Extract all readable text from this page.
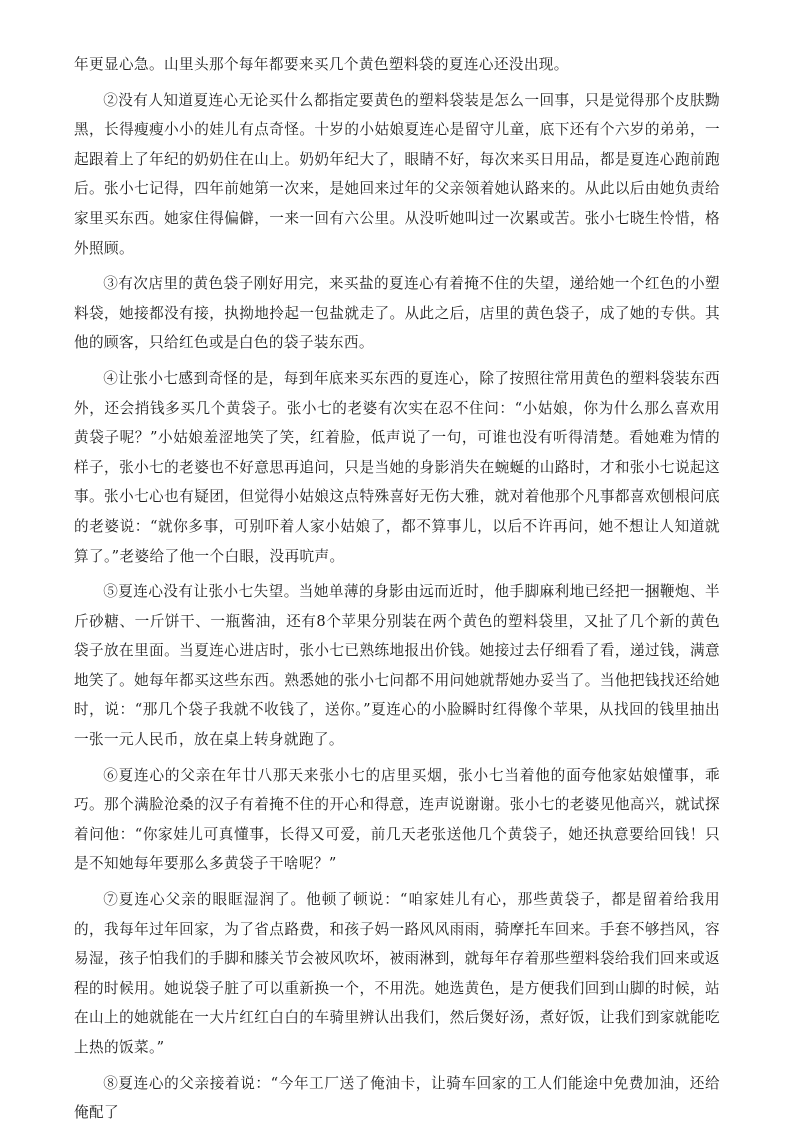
年更显心急。山里头那个每年都要来买几个黄色塑料袋的夏连心还没出现。

②没有人知道夏连心无论买什么都指定要黄色的塑料袋装是怎么一回事，只是觉得那个皮肤黝黑，长得瘦瘦小小的娃儿有点奇怪。十岁的小姑娘夏连心是留守儿童，底下还有个六岁的弟弟，一起跟着上了年纪的奶奶住在山上。奶奶年纪大了，眼睛不好，每次来买日用品，都是夏连心跑前跑后。张小七记得，四年前她第一次来，是她回来过年的父亲领着她认路来的。从此以后由她负责给家里买东西。她家住得偏僻，一来一回有六公里。从没听她叫过一次累或苦。张小七晓生怜惜，格外照顾。

③有次店里的黄色袋子刚好用完，来买盐的夏连心有着掩不住的失望，递给她一个红色的小塑料袋，她接都没有接，执拗地拎起一包盐就走了。从此之后，店里的黄色袋子，成了她的专供。其他的顾客，只给红色或是白色的袋子装东西。

④让张小七感到奇怪的是，每到年底来买东西的夏连心，除了按照往常用黄色的塑料袋装东西外，还会捎钱多买几个黄袋子。张小七的老婆有次实在忍不住问：“小姑娘，你为什么那么喜欢用黄袋子呢？”小姑娘羞涩地笑了笑，红着脸，低声说了一句，可谁也没有听得清楚。看她难为情的样子，张小七的老婆也不好意思再追问，只是当她的身影消失在蜿蜒的山路时，才和张小七说起这事。张小七心也有疑团，但觉得小姑娘这点特殊喜好无伤大雅，就对着他那个凡事都喜欢刨根问底的老婆说：“就你多事，可别吓着人家小姑娘了，都不算事儿，以后不许再问，她不想让人知道就算了。”老婆给了他一个白眼，没再吭声。

⑤夏连心没有让张小七失望。当她单薄的身影由远而近时，他手脚麻利地已经把一捆鞭炮、半斤砂糖、一斤饼干、一瓶酱油，还有8个苹果分别装在两个黄色的塑料袋里，又扯了几个新的黄色袋子放在里面。当夏连心进店时，张小七已熟练地报出价钱。她接过去仔细看了看，递过钱，满意地笑了。她每年都买这些东西。熟悉她的张小七问都不用问她就帮她办妥当了。当他把钱找还给她时，说：“那几个袋子我就不收钱了，送你。”夏连心的小脸瞬时红得像个苹果，从找回的钱里抽出一张一元人民币，放在桌上转身就跑了。

⑥夏连心的父亲在年廿八那天来张小七的店里买烟，张小七当着他的面夸他家姑娘懂事，乖巧。那个满脸沧桑的汉子有着掩不住的开心和得意，连声说谢谢。张小七的老婆见他高兴，就试探着问他：“你家娃儿可真懂事，长得又可爱，前几天老张送他几个黄袋子，她还执意要给回钱！只是不知她每年要那么多黄袋子干啥呢？”

⑦夏连心父亲的眼眶湿润了。他顿了顿说：“咱家娃儿有心，那些黄袋子，都是留着给我用的，我每年过年回家，为了省点路费，和孩子妈一路风风雨雨，骑摩托车回来。手套不够挡风，容易湿，孩子怕我们的手脚和膝关节会被风吹坏，被雨淋到，就每年存着那些塑料袋给我们回来或返程的时候用。她说袋子脏了可以重新换一个，不用洗。她选黄色，是方便我们回到山脚的时候，站在山上的她就能在一大片红红白白的车骑里辨认出我们，然后煲好汤，煮好饭，让我们到家就能吃上热的饭菜。”

⑧夏连心的父亲接着说：“今年工厂送了俺油卡，让骑车回家的工人们能途中免费加油，还给俺配了
